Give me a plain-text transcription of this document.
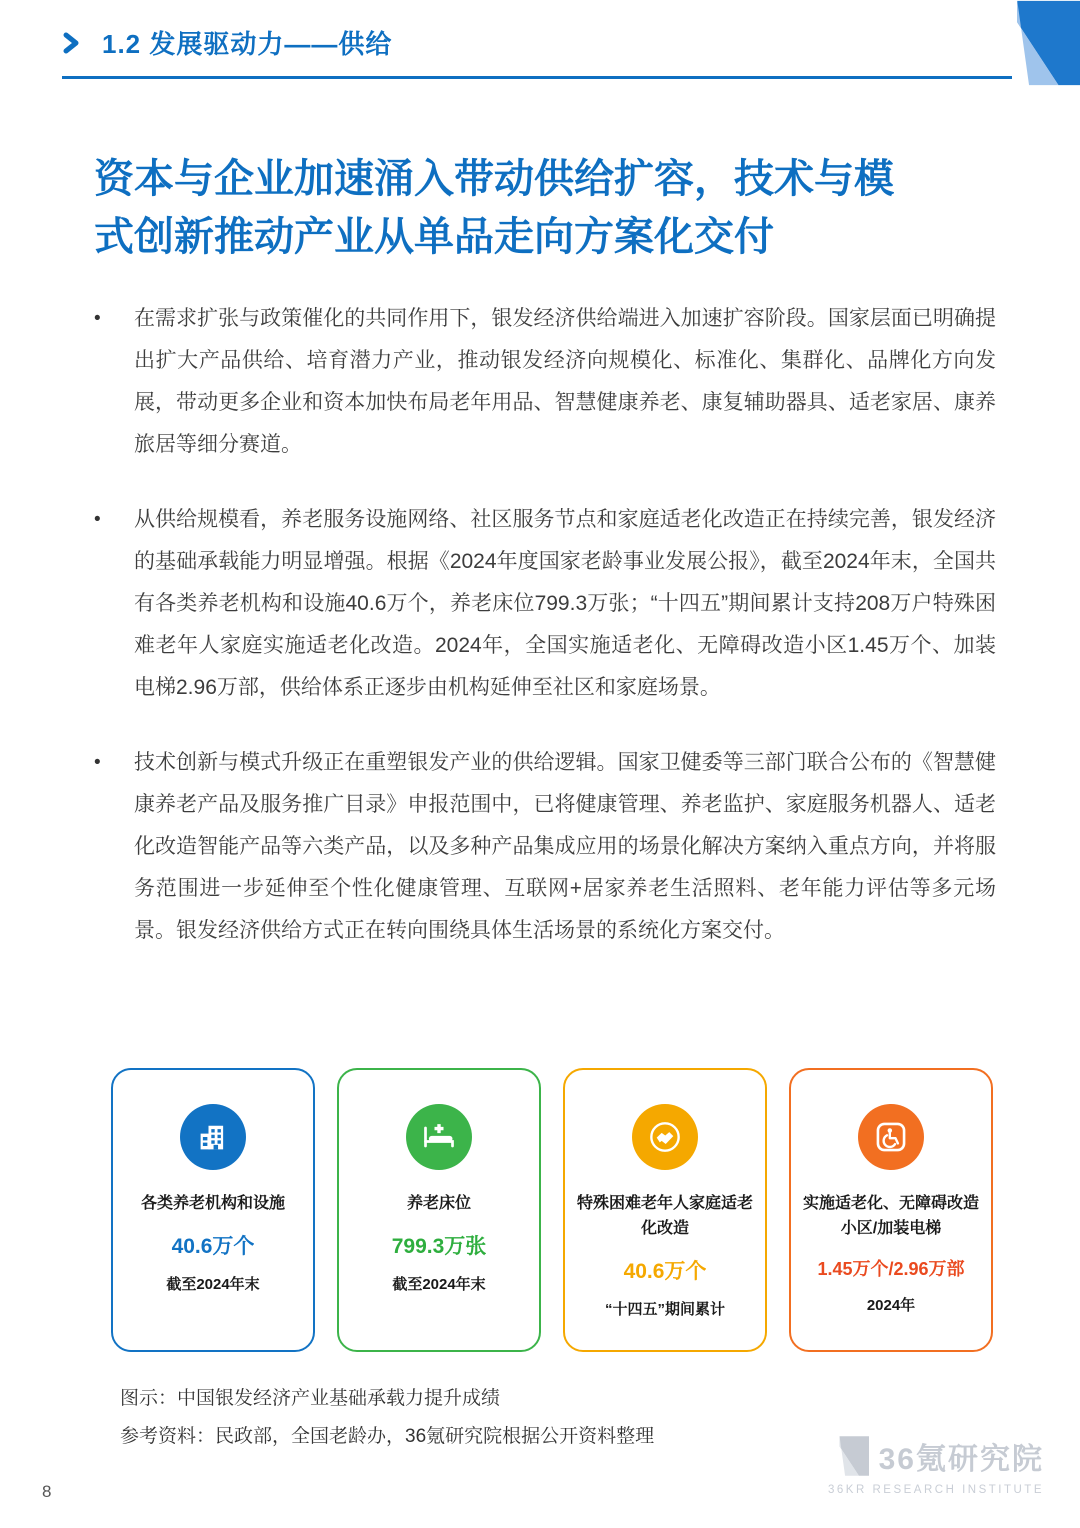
1.2 发展驱动力——供给
资本与企业加速涌入带动供给扩容，技术与模
式创新推动产业从单品走向方案化交付
•	在需求扩张与政策催化的共同作用下，银发经济供给端进入加速扩容阶段。国家层面已明确提出扩大产品供给、培育潜力产业，推动银发经济向规模化、标准化、集群化、品牌化方向发展，带动更多企业和资本加快布局老年用品、智慧健康养老、康复辅助器具、适老家居、康养旅居等细分赛道。

•	从供给规模看，养老服务设施网络、社区服务节点和家庭适老化改造正在持续完善，银发经济的基础承载能力明显增强。根据《2024年度国家老龄事业发展公报》，截至2024年末，全国共有各类养老机构和设施40.6万个，养老床位799.3万张；“十四五”期间累计支持208万户特殊困难老年人家庭实施适老化改造。2024年，全国实施适老化、无障碍改造小区1.45万个、加装电梯2.96万部，供给体系正逐步由机构延伸至社区和家庭场景。

•	技术创新与模式升级正在重塑银发产业的供给逻辑。国家卫健委等三部门联合公布的《智慧健康养老产品及服务推广目录》申报范围中，已将健康管理、养老监护、家庭服务机器人、适老化改造智能产品等六类产品，以及多种产品集成应用的场景化解决方案纳入重点方向，并将服务范围进一步延伸至个性化健康管理、互联网+居家养老生活照料、老年能力评估等多元场景。银发经济供给方式正在转向围绕具体生活场景的系统化方案交付。

各类养老机构和设施
40.6万个
截至2024年末
养老床位
799.3万张
截至2024年末
特殊困难老年人家庭适老化改造
40.6万个
“十四五”期间累计
实施适老化、无障碍改造小区/加装电梯
1.45万个/2.96万部
2024年

图示：中国银发经济产业基础承载力提升成绩

参考资料：民政部，全国老龄办，36氪研究院根据公开资料整理

8
36氪研究院
36KR RESEARCH INSTITUTE
